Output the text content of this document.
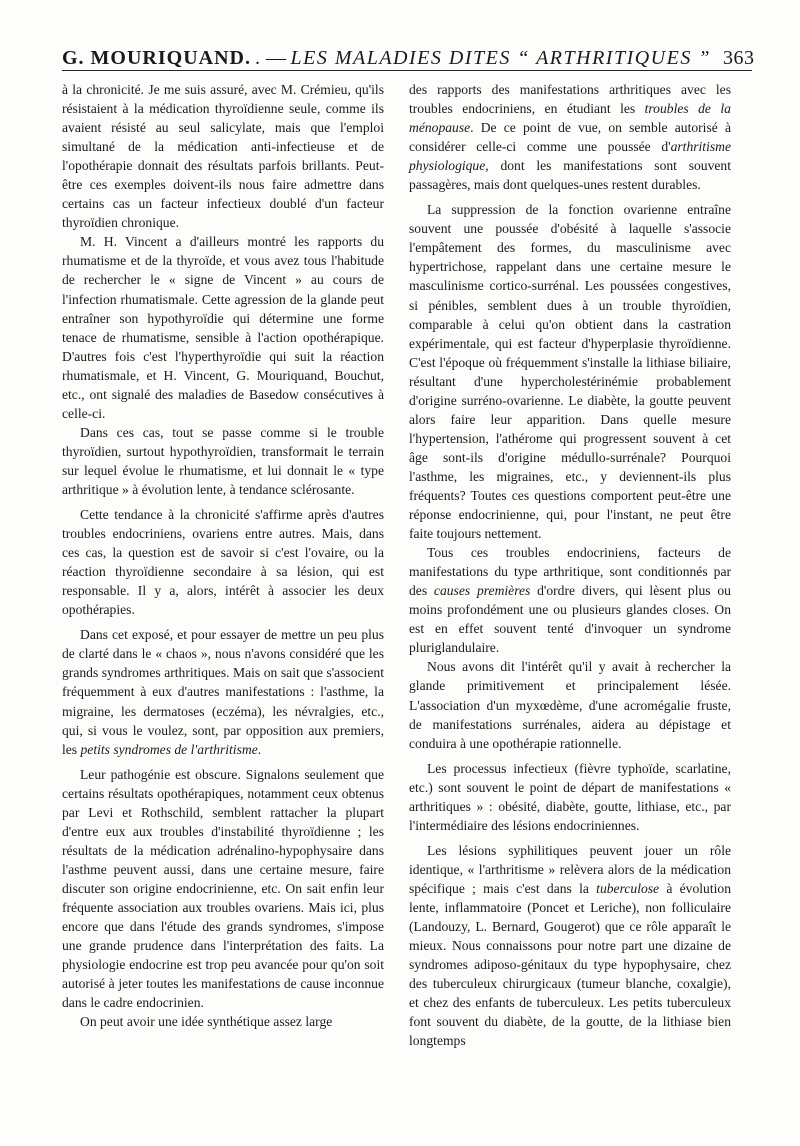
G. MOURIQUAND. . — LES MALADIES DITES “ ARTHRITIQUES ” 363

à la chronicité. Je me suis assuré, avec M. Crémieu, qu'ils résistaient à la médication thyroïdienne seule, comme ils avaient résisté au seul salicylate, mais que l'emploi simultané de la médication anti-infectieuse et de l'opothérapie donnait des résultats parfois brillants. Peut-être ces exemples doivent-ils nous faire admettre dans certains cas un facteur infectieux doublé d'un facteur thyroïdien chronique.

M. H. Vincent a d'ailleurs montré les rapports du rhumatisme et de la thyroïde, et vous avez tous l'habitude de rechercher le « signe de Vincent » au cours de l'infection rhumatismale. Cette agression de la glande peut entraîner son hypothyroïdie qui détermine une forme tenace de rhumatisme, sensible à l'action opothérapique. D'autres fois c'est l'hyperthyroïdie qui suit la réaction rhumatismale, et H. Vincent, G. Mouriquand, Bouchut, etc., ont signalé des maladies de Basedow consécutives à celle-ci.

Dans ces cas, tout se passe comme si le trouble thyroïdien, surtout hypothyroïdien, transformait le terrain sur lequel évolue le rhumatisme, et lui donnait le « type arthritique » à évolution lente, à tendance sclérosante.

Cette tendance à la chronicité s'affirme après d'autres troubles endocriniens, ovariens entre autres. Mais, dans ces cas, la question est de savoir si c'est l'ovaire, ou la réaction thyroïdienne secondaire à sa lésion, qui est responsable. Il y a, alors, intérêt à associer les deux opothérapies.

Dans cet exposé, et pour essayer de mettre un peu plus de clarté dans le « chaos », nous n'avons considéré que les grands syndromes arthritiques. Mais on sait que s'associent fréquemment à eux d'autres manifestations : l'asthme, la migraine, les dermatoses (eczéma), les névralgies, etc., qui, si vous le voulez, sont, par opposition aux premiers, les petits syndromes de l'arthritisme.

Leur pathogénie est obscure. Signalons seulement que certains résultats opothérapiques, notamment ceux obtenus par Levi et Rothschild, semblent rattacher la plupart d'entre eux aux troubles d'instabilité thyroïdienne ; les résultats de la médication adrénalino-hypophysaire dans l'asthme peuvent aussi, dans une certaine mesure, faire discuter son origine endocrinienne, etc. On sait enfin leur fréquente association aux troubles ovariens. Mais ici, plus encore que dans l'étude des grands syndromes, s'impose une grande prudence dans l'interprétation des faits. La physiologie endocrine est trop peu avancée pour qu'on soit autorisé à jeter toutes les manifestations de cause inconnue dans le cadre endocrinien.

On peut avoir une idée synthétique assez large

des rapports des manifestations arthritiques avec les troubles endocriniens, en étudiant les troubles de la ménopause. De ce point de vue, on semble autorisé à considérer celle-ci comme une poussée d'arthritisme physiologique, dont les manifestations sont souvent passagères, mais dont quelques-unes restent durables.

La suppression de la fonction ovarienne entraîne souvent une poussée d'obésité à laquelle s'associe l'empâtement des formes, du masculinisme avec hypertrichose, rappelant dans une certaine mesure le masculinisme cortico-surrénal. Les poussées congestives, si pénibles, semblent dues à un trouble thyroïdien, comparable à celui qu'on obtient dans la castration expérimentale, qui est facteur d'hyperplasie thyroïdienne. C'est l'époque où fréquemment s'installe la lithiase biliaire, résultant d'une hypercholestérinémie probablement d'origine surréno-ovarienne. Le diabète, la goutte peuvent alors faire leur apparition. Dans quelle mesure l'hypertension, l'athérome qui progressent souvent à cet âge sont-ils d'origine médullo-surrénale? Pourquoi l'asthme, les migraines, etc., y deviennent-ils plus fréquents? Toutes ces questions comportent peut-être une réponse endocrinienne, qui, pour l'instant, ne peut être faite toujours nettement.

Tous ces troubles endocriniens, facteurs de manifestations du type arthritique, sont conditionnés par des causes premières d'ordre divers, qui lèsent plus ou moins profondément une ou plusieurs glandes closes. On est en effet souvent tenté d'invoquer un syndrome pluriglandulaire.

Nous avons dit l'intérêt qu'il y avait à rechercher la glande primitivement et principalement lésée. L'association d'un myxœdème, d'une acromégalie fruste, de manifestations surrénales, aidera au dépistage et conduira à une opothérapie rationnelle.

Les processus infectieux (fièvre typhoïde, scarlatine, etc.) sont souvent le point de départ de manifestations « arthritiques » : obésité, diabète, goutte, lithiase, etc., par l'intermédiaire des lésions endocriniennes.

Les lésions syphilitiques peuvent jouer un rôle identique, « l'arthritisme » relèvera alors de la médication spécifique ; mais c'est dans la tuberculose à évolution lente, inflammatoire (Poncet et Leriche), non folliculaire (Landouzy, L. Bernard, Gougerot) que ce rôle apparaît le mieux. Nous connaissons pour notre part une dizaine de syndromes adiposo-génitaux du type hypophysaire, chez des tuberculeux chirurgicaux (tumeur blanche, coxalgie), et chez des enfants de tuberculeux. Les petits tuberculeux font souvent du diabète, de la goutte, de la lithiase bien longtemps
